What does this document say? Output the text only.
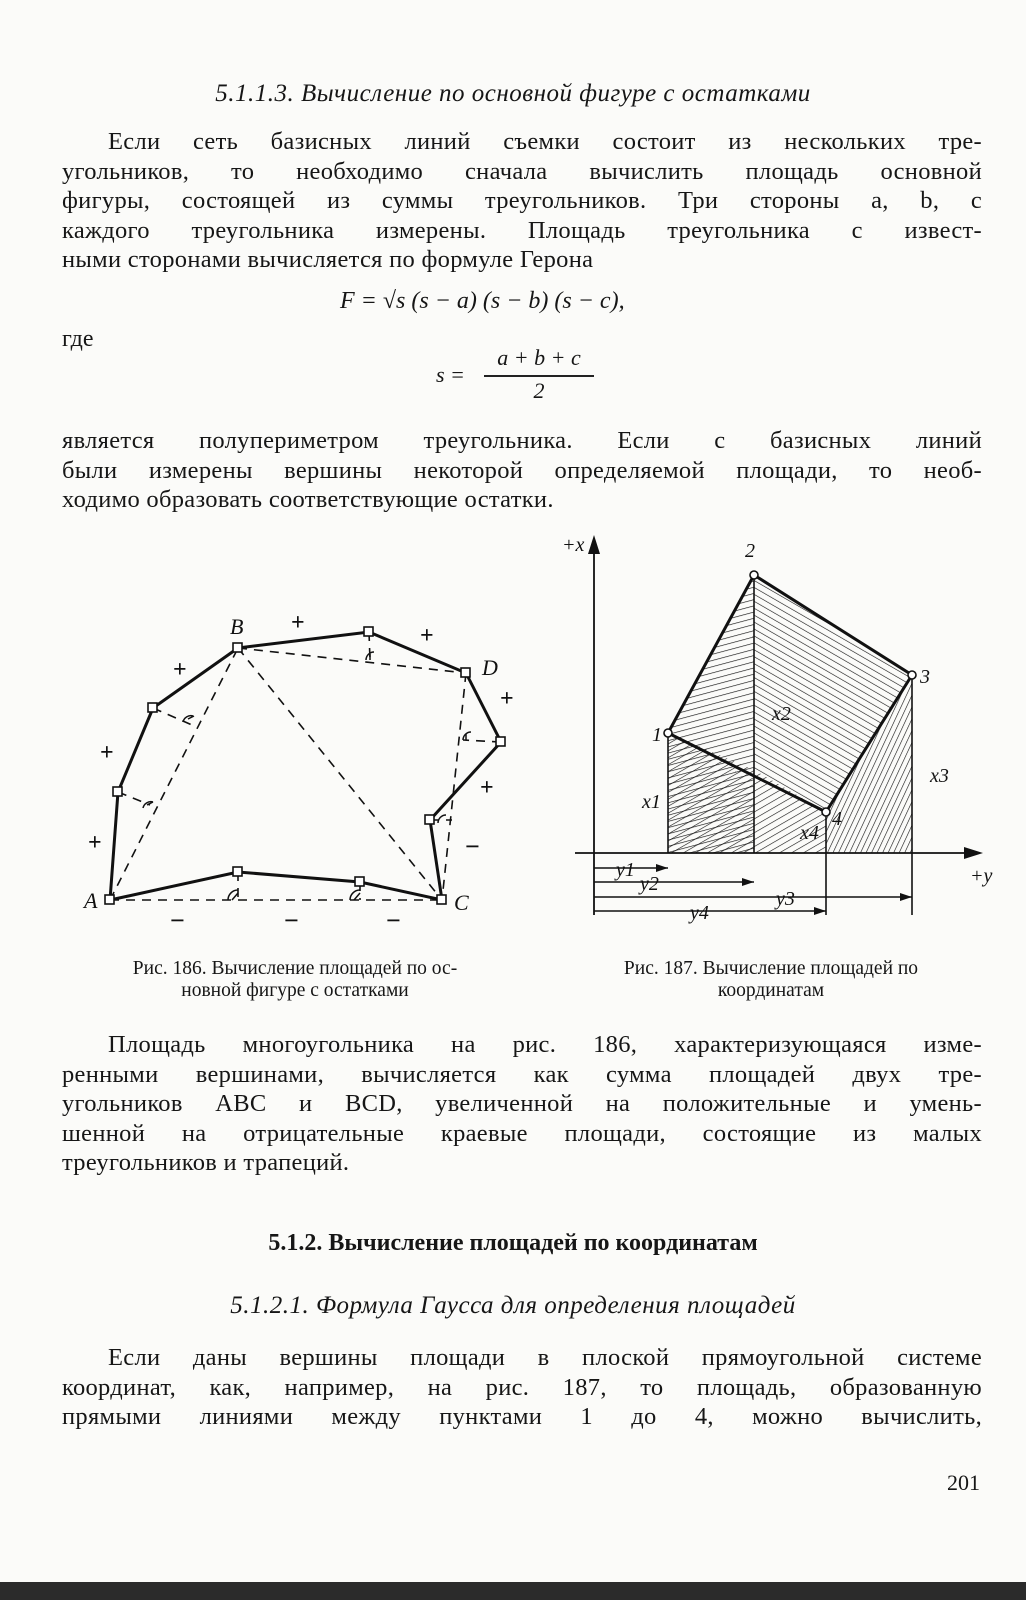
5.1.1.3. Вычисление по основной фигуре с остатками
Если сеть базисных линий съемки состоит из нескольких тре-
угольников, то необходимо сначала вычислить площадь основной
фигуры, состоящей из суммы треугольников. Три стороны a, b, c
каждого треугольника измерены. Площадь треугольника с извест-
ными сторонами вычисляется по формуле Герона
F = √s (s − a) (s − b) (s − c),
где
s =
a + b + c
2
является полупериметром треугольника. Если с базисных линий
были измерены вершины некоторой определяемой площади, то необ-
ходимо образовать соответствующие остатки.
A
B
C
D
+
+
+
+	+
+
+
−
−	−	−
Рис. 186. Вычисление площадей по ос-
новной фигуре с остатками
+x
+y
1
2
3
4
x1
x2
x3
x4
y1
y2
y3
y4
Рис. 187. Вычисление площадей по
координатам
Площадь многоугольника на рис. 186, характеризующаяся изме-
ренными вершинами, вычисляется как сумма площадей двух тре-
угольников ABC и BCD, увеличенной на положительные и умень-
шенной на отрицательные краевые площади, состоящие из малых
треугольников и трапеций.
5.1.2. Вычисление площадей по координатам
5.1.2.1. Формула Гаусса для определения площадей
Если даны вершины площади в плоской прямоугольной системе
координат, как, например, на рис. 187, то площадь, образованную
прямыми линиями между пунктами 1 до 4, можно вычислить,
201
